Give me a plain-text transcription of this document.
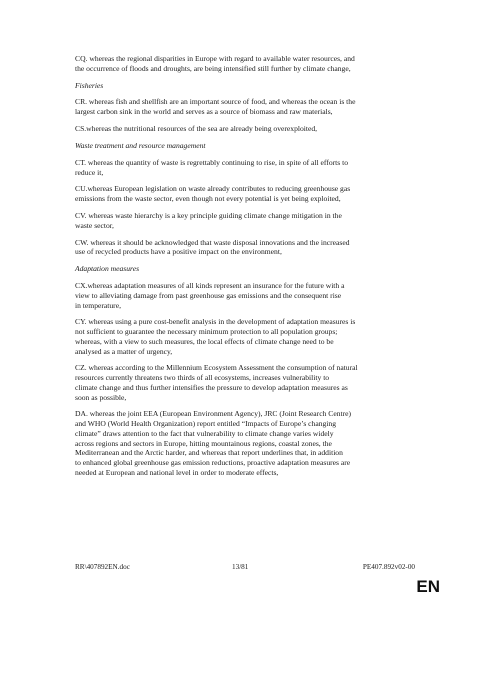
CQ. whereas the regional disparities in Europe with regard to available water resources, and
the occurrence of floods and droughts, are being intensified still further by climate change,
Fisheries
CR. whereas fish and shellfish are an important source of food, and whereas the ocean is the
largest carbon sink in the world and serves as a source of biomass and raw materials,
CS.whereas the nutritional resources of the sea are already being overexploited,
Waste treatment and resource management
CT. whereas the quantity of waste is regrettably continuing to rise, in spite of all efforts to
reduce it,
CU.whereas European legislation on waste already contributes to reducing greenhouse gas
emissions from the waste sector, even though not every potential is yet being exploited,
CV. whereas waste hierarchy is a key principle guiding climate change mitigation in the
waste sector,
CW. whereas it should be acknowledged that waste disposal innovations and the increased
use of recycled products have a positive impact on the environment,
Adaptation measures
CX.whereas adaptation measures of all kinds represent an insurance for the future with a
view to alleviating damage from past greenhouse gas emissions and the consequent rise
in temperature,
CY. whereas using a pure cost-benefit analysis in the development of adaptation measures is
not sufficient to guarantee the necessary minimum protection to all population groups;
whereas, with a view to such measures, the local effects of climate change need to be
analysed as a matter of urgency,
CZ. whereas according to the Millennium Ecosystem Assessment the consumption of natural
resources currently threatens two thirds of all ecosystems, increases vulnerability to
climate change and thus further intensifies the pressure to develop adaptation measures as
soon as possible,
DA. whereas the joint EEA (European Environment Agency), JRC (Joint Research Centre)
and WHO (World Health Organization) report entitled “Impacts of Europe’s changing
climate” draws attention to the fact that vulnerability to climate change varies widely
across regions and sectors in Europe, hitting mountainous regions, coastal zones, the
Mediterranean and the Arctic harder, and whereas that report underlines that, in addition
to enhanced global greenhouse gas emission reductions, proactive adaptation measures are
needed at European and national level in order to moderate effects,
RR\407892EN.doc	13/81	PE407.892v02-00
EN
